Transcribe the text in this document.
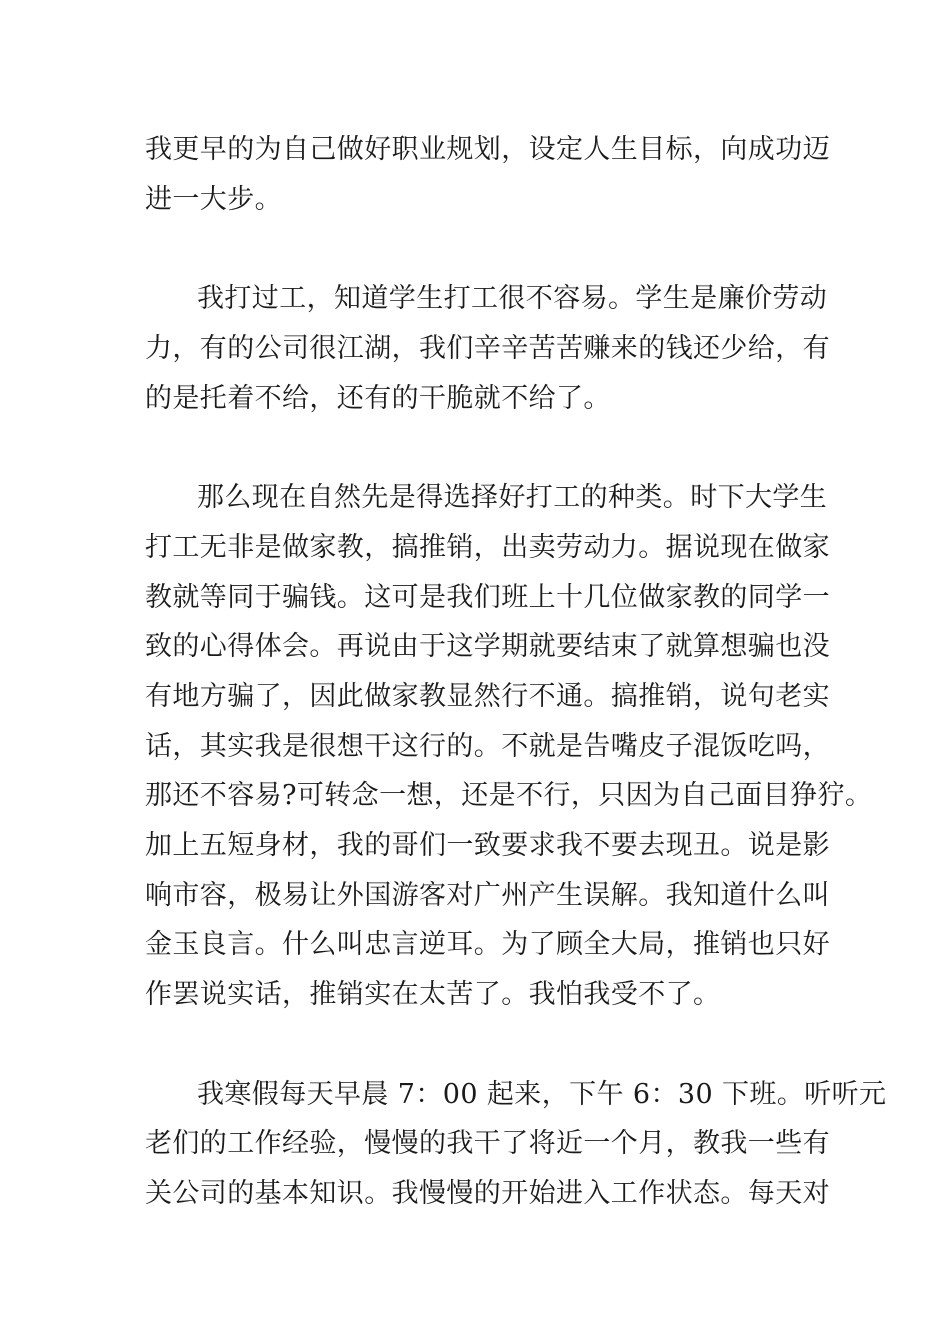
我更早的为自己做好职业规划，设定人生目标，向成功迈
进一大步。
我打过工，知道学生打工很不容易。学生是廉价劳动
力，有的公司很江湖，我们辛辛苦苦赚来的钱还少给，有
的是托着不给，还有的干脆就不给了。
那么现在自然先是得选择好打工的种类。时下大学生
打工无非是做家教，搞推销，出卖劳动力。据说现在做家
教就等同于骗钱。这可是我们班上十几位做家教的同学一
致的心得体会。再说由于这学期就要结束了就算想骗也没
有地方骗了，因此做家教显然行不通。搞推销，说句老实
话，其实我是很想干这行的。不就是告嘴皮子混饭吃吗，
那还不容易?可转念一想，还是不行，只因为自己面目狰狞。
加上五短身材，我的哥们一致要求我不要去现丑。说是影
响市容，极易让外国游客对广州产生误解。我知道什么叫
金玉良言。什么叫忠言逆耳。为了顾全大局，推销也只好
作罢说实话，推销实在太苦了。我怕我受不了。
我寒假每天早晨 7：00 起来，下午 6：30 下班。听听元
老们的工作经验，慢慢的我干了将近一个月，教我一些有
关公司的基本知识。我慢慢的开始进入工作状态。每天对
